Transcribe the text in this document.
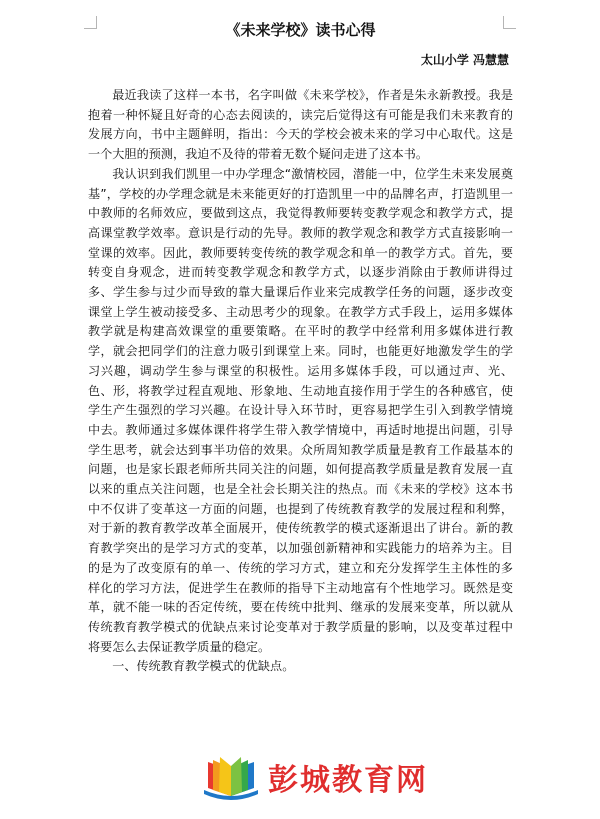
《未来学校》读书心得
太山小学 冯慧慧

最近我读了这样一本书，名字叫做《未来学校》，作者是朱永新教授。我是抱着一种怀疑且好奇的心态去阅读的，读完后觉得这有可能是我们未来教育的发展方向，书中主题鲜明，指出：今天的学校会被未来的学习中心取代。这是一个大胆的预测，我迫不及待的带着无数个疑问走进了这本书。

我认识到我们凯里一中办学理念“激情校园，潜能一中，位学生未来发展奠基”，学校的办学理念就是未来能更好的打造凯里一中的品牌名声，打造凯里一中教师的名师效应，要做到这点，我觉得教师要转变教学观念和教学方式，提高课堂教学效率。意识是行动的先导。教师的教学观念和教学方式直接影响一堂课的效率。因此，教师要转变传统的教学观念和单一的教学方式。首先，要转变自身观念，进而转变教学观念和教学方式，以逐步消除由于教师讲得过多、学生参与过少而导致的靠大量课后作业来完成教学任务的问题，逐步改变课堂上学生被动接受多、主动思考少的现象。在教学方式手段上，运用多媒体教学就是构建高效课堂的重要策略。在平时的教学中经常利用多媒体进行教学，就会把同学们的注意力吸引到课堂上来。同时，也能更好地激发学生的学习兴趣，调动学生参与课堂的积极性。运用多媒体手段，可以通过声、光、色、形，将教学过程直观地、形象地、生动地直接作用于学生的各种感官，使学生产生强烈的学习兴趣。在设计导入环节时，更容易把学生引入到教学情境中去。教师通过多媒体课件将学生带入教学情境中，再适时地提出问题，引导学生思考，就会达到事半功倍的效果。众所周知教学质量是教育工作最基本的问题，也是家长跟老师所共同关注的问题，如何提高教学质量是教育发展一直以来的重点关注问题，也是全社会长期关注的热点。而《未来的学校》这本书中不仅讲了变革这一方面的问题，也提到了传统教育教学的发展过程和利弊，对于新的教育教学改革全面展开，使传统教学的模式逐渐退出了讲台。新的教育教学突出的是学习方式的变革，以加强创新精神和实践能力的培养为主。目的是为了改变原有的单一、传统的学习方式，建立和充分发挥学生主体性的多样化的学习方法，促进学生在教师的指导下主动地富有个性地学习。既然是变革，就不能一味的否定传统，要在传统中批判、继承的发展来变革，所以就从传统教育教学模式的优缺点来讨论变革对于教学质量的影响，以及变革过程中将要怎么去保证教学质量的稳定。

一、传统教育教学模式的优缺点。

彭城教育网
